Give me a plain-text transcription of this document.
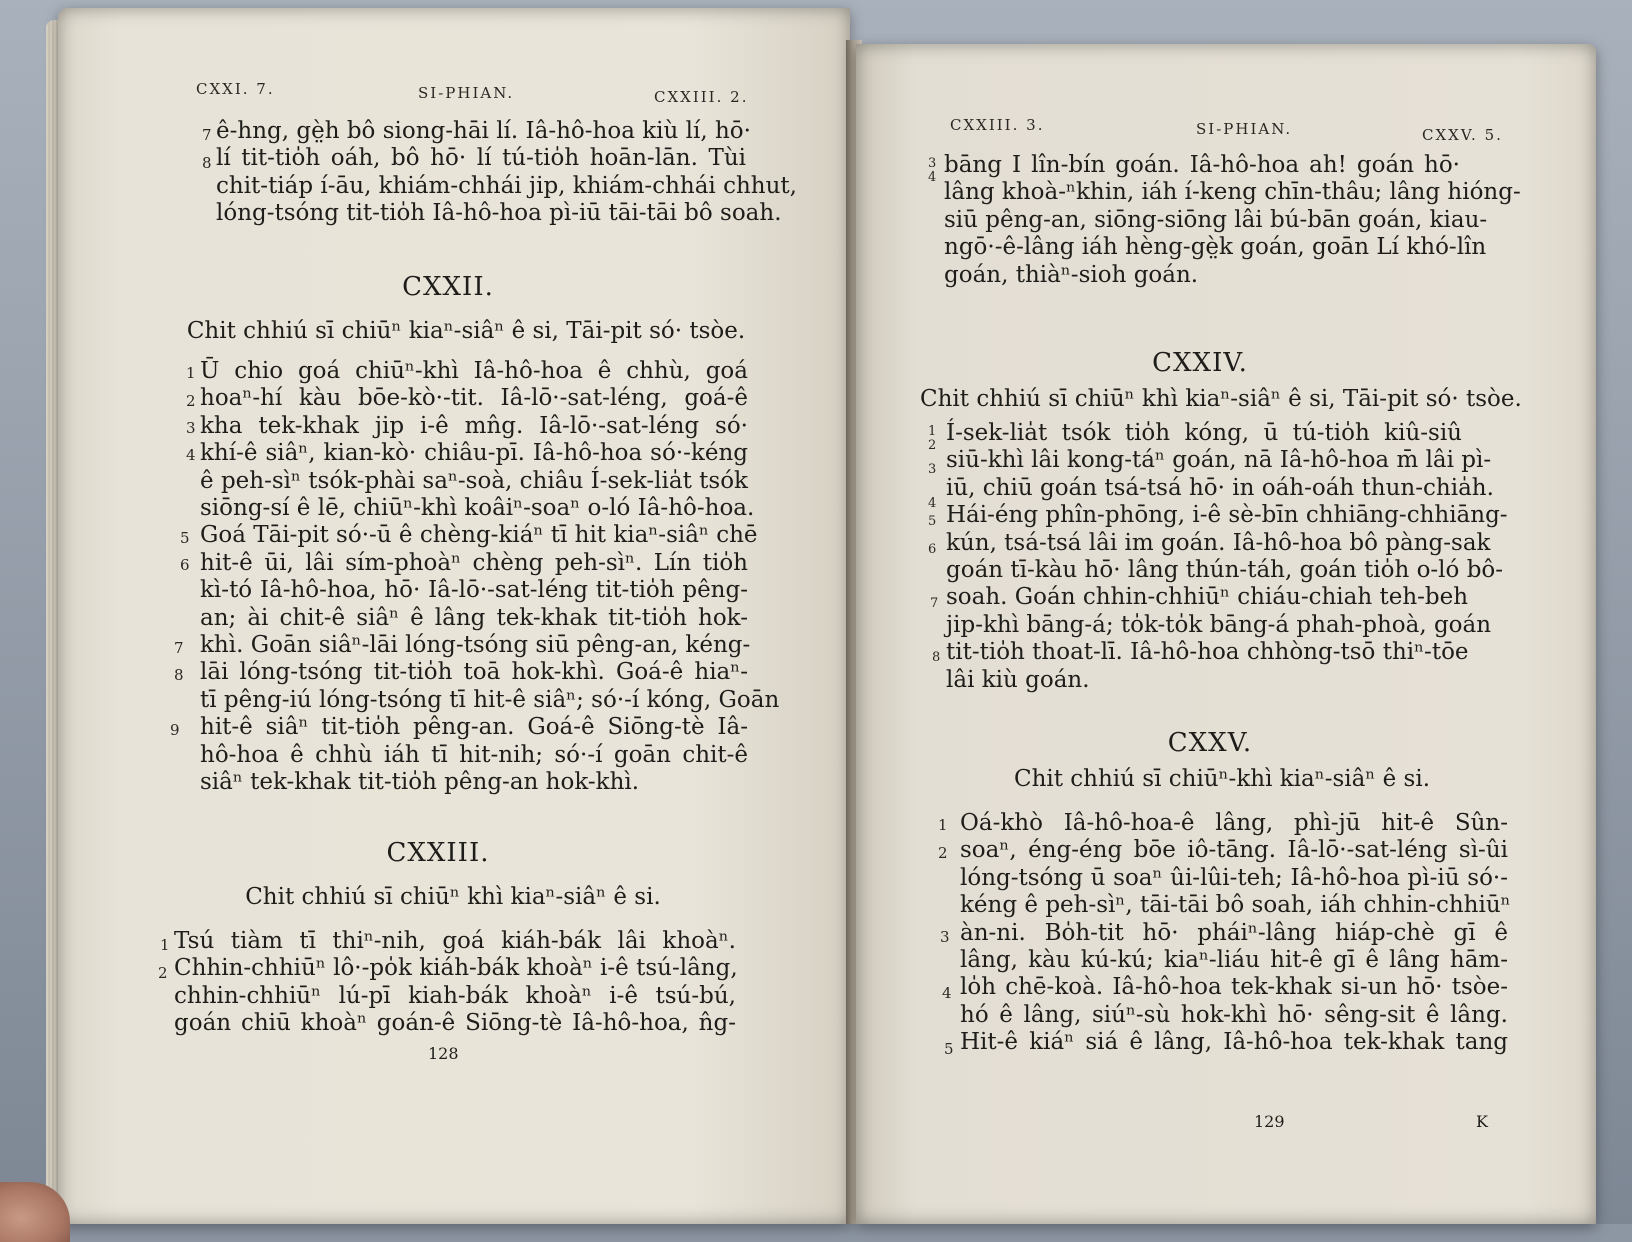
CXXI. 7.	SI-PHIAN.	CXXIII. 2.
7
8
ê-hng, gè̤h bô siong-hāi lí. Iâ-hô-hoa kiù lí, hō·
lí tit-tio̍h oáh, bô hō· lí tú-tio̍h hoān-lān. Tùi
chit-tiáp í-āu, khiám-chhái jip, khiám-chhái chhut,
lóng-tsóng tit-tio̍h Iâ-hô-hoa pì-iū tāi-tāi bô soah.
CXXII.
Chit chhiú sī chiūⁿ kiaⁿ-siâⁿ ê si, Tāi-pit só· tsòe.
1
2
3
4
5
6
7
8
9
Ū chio goá chiūⁿ-khì Iâ-hô-hoa ê chhù, goá
hoaⁿ-hí kàu bōe-kò·-tit. Iâ-lō·-sat-léng, goá-ê
kha tek-khak jip i-ê mn̂g. Iâ-lō·-sat-léng só·
khí-ê siâⁿ, kian-kò· chiâu-pī. Iâ-hô-hoa só·-kéng
ê peh-sìⁿ tsók-phài saⁿ-soà, chiâu Í-sek-lia̍t tsók
siōng-sí ê lē, chiūⁿ-khì koâiⁿ-soaⁿ o-ló Iâ-hô-hoa.
Goá Tāi-pit só·-ū ê chèng-kiáⁿ tī hit kiaⁿ-siâⁿ chē
hit-ê ūi, lâi sím-phoàⁿ chèng peh-sìⁿ. Lín tio̍h
kì-tó Iâ-hô-hoa, hō· Iâ-lō·-sat-léng tit-tio̍h pêng-
an; ài chit-ê siâⁿ ê lâng tek-khak tit-tio̍h hok-
khì. Goān siâⁿ-lāi lóng-tsóng siū pêng-an, kéng-
lāi lóng-tsóng tit-tio̍h toā hok-khì. Goá-ê hiaⁿ-
tī pêng-iú lóng-tsóng tī hit-ê siâⁿ; só·-í kóng, Goān
hit-ê siâⁿ tit-tio̍h pêng-an. Goá-ê Siōng-tè Iâ-
hô-hoa ê chhù iáh tī hit-nih; só·-í goān chit-ê
siâⁿ tek-khak tit-tio̍h pêng-an hok-khì.
CXXIII.
Chit chhiú sī chiūⁿ khì kiaⁿ-siâⁿ ê si.
1
2
Tsú tiàm tī thiⁿ-nih, goá kiáh-bák lâi khoàⁿ.
Chhin-chhiūⁿ lô·-po̍k kiáh-bák khoàⁿ i-ê tsú-lâng,
chhin-chhiūⁿ lú-pī kiah-bák khoàⁿ i-ê tsú-bú,
goán chiū khoàⁿ goán-ê Siōng-tè Iâ-hô-hoa, n̂g-
128
CXXIII. 3.	SI-PHIAN.	CXXV. 5.
3
4 bāng I lîn-bín goán. Iâ-hô-hoa ah! goán hō·
lâng khoà-ⁿkhin, iáh í-keng chīn-thâu; lâng hióng-
siū pêng-an, siōng-siōng lâi bú-bān goán, kiau-
ngō·-ê-lâng iáh hèng-gè̤k goán, goān Lí khó-lîn
goán, thiàⁿ-sioh goán.
CXXIV.
Chit chhiú sī chiūⁿ khì kiaⁿ-siâⁿ ê si, Tāi-pit só· tsòe.
1
2
3
4
5
6
7
8
Í-sek-lia̍t tsók tio̍h kóng, ū tú-tio̍h kiû-siû
siū-khì lâi kong-táⁿ goán, nā Iâ-hô-hoa m̄ lâi pì-
iū, chiū goán tsá-tsá hō· in oáh-oáh thun-chia̍h.
Hái-éng phîn-phōng, i-ê sè-bīn chhiāng-chhiāng-
kún, tsá-tsá lâi im goán. Iâ-hô-hoa bô pàng-sak
goán tī-kàu hō· lâng thún-táh, goán tio̍h o-ló bô-
soah. Goán chhin-chhiūⁿ chiáu-chiah teh-beh
jip-khì bāng-á; to̍k-to̍k bāng-á phah-phoà, goán
tit-tio̍h thoat-lī. Iâ-hô-hoa chhòng-tsō thiⁿ-tōe
lâi kiù goán.
CXXV.
Chit chhiú sī chiūⁿ-khì kiaⁿ-siâⁿ ê si.
1
2
3
4
5
Oá-khò Iâ-hô-hoa-ê lâng, phì-jū hit-ê Sûn-
soaⁿ, éng-éng bōe iô-tāng. Iâ-lō·-sat-léng sì-ûi
lóng-tsóng ū soaⁿ ûi-lûi-teh; Iâ-hô-hoa pì-iū só·-
kéng ê peh-sìⁿ, tāi-tāi bô soah, iáh chhin-chhiūⁿ
àn-ni. Bo̍h-tit hō· pháiⁿ-lâng hiáp-chè gī ê
lâng, kàu kú-kú; kiaⁿ-liáu hit-ê gī ê lâng hām-
lo̍h chē-koà. Iâ-hô-hoa tek-khak si-un hō· tsòe-
hó ê lâng, siúⁿ-sù hok-khì hō· sêng-sit ê lâng.
Hit-ê kiáⁿ siá ê lâng, Iâ-hô-hoa tek-khak tang
129	K
